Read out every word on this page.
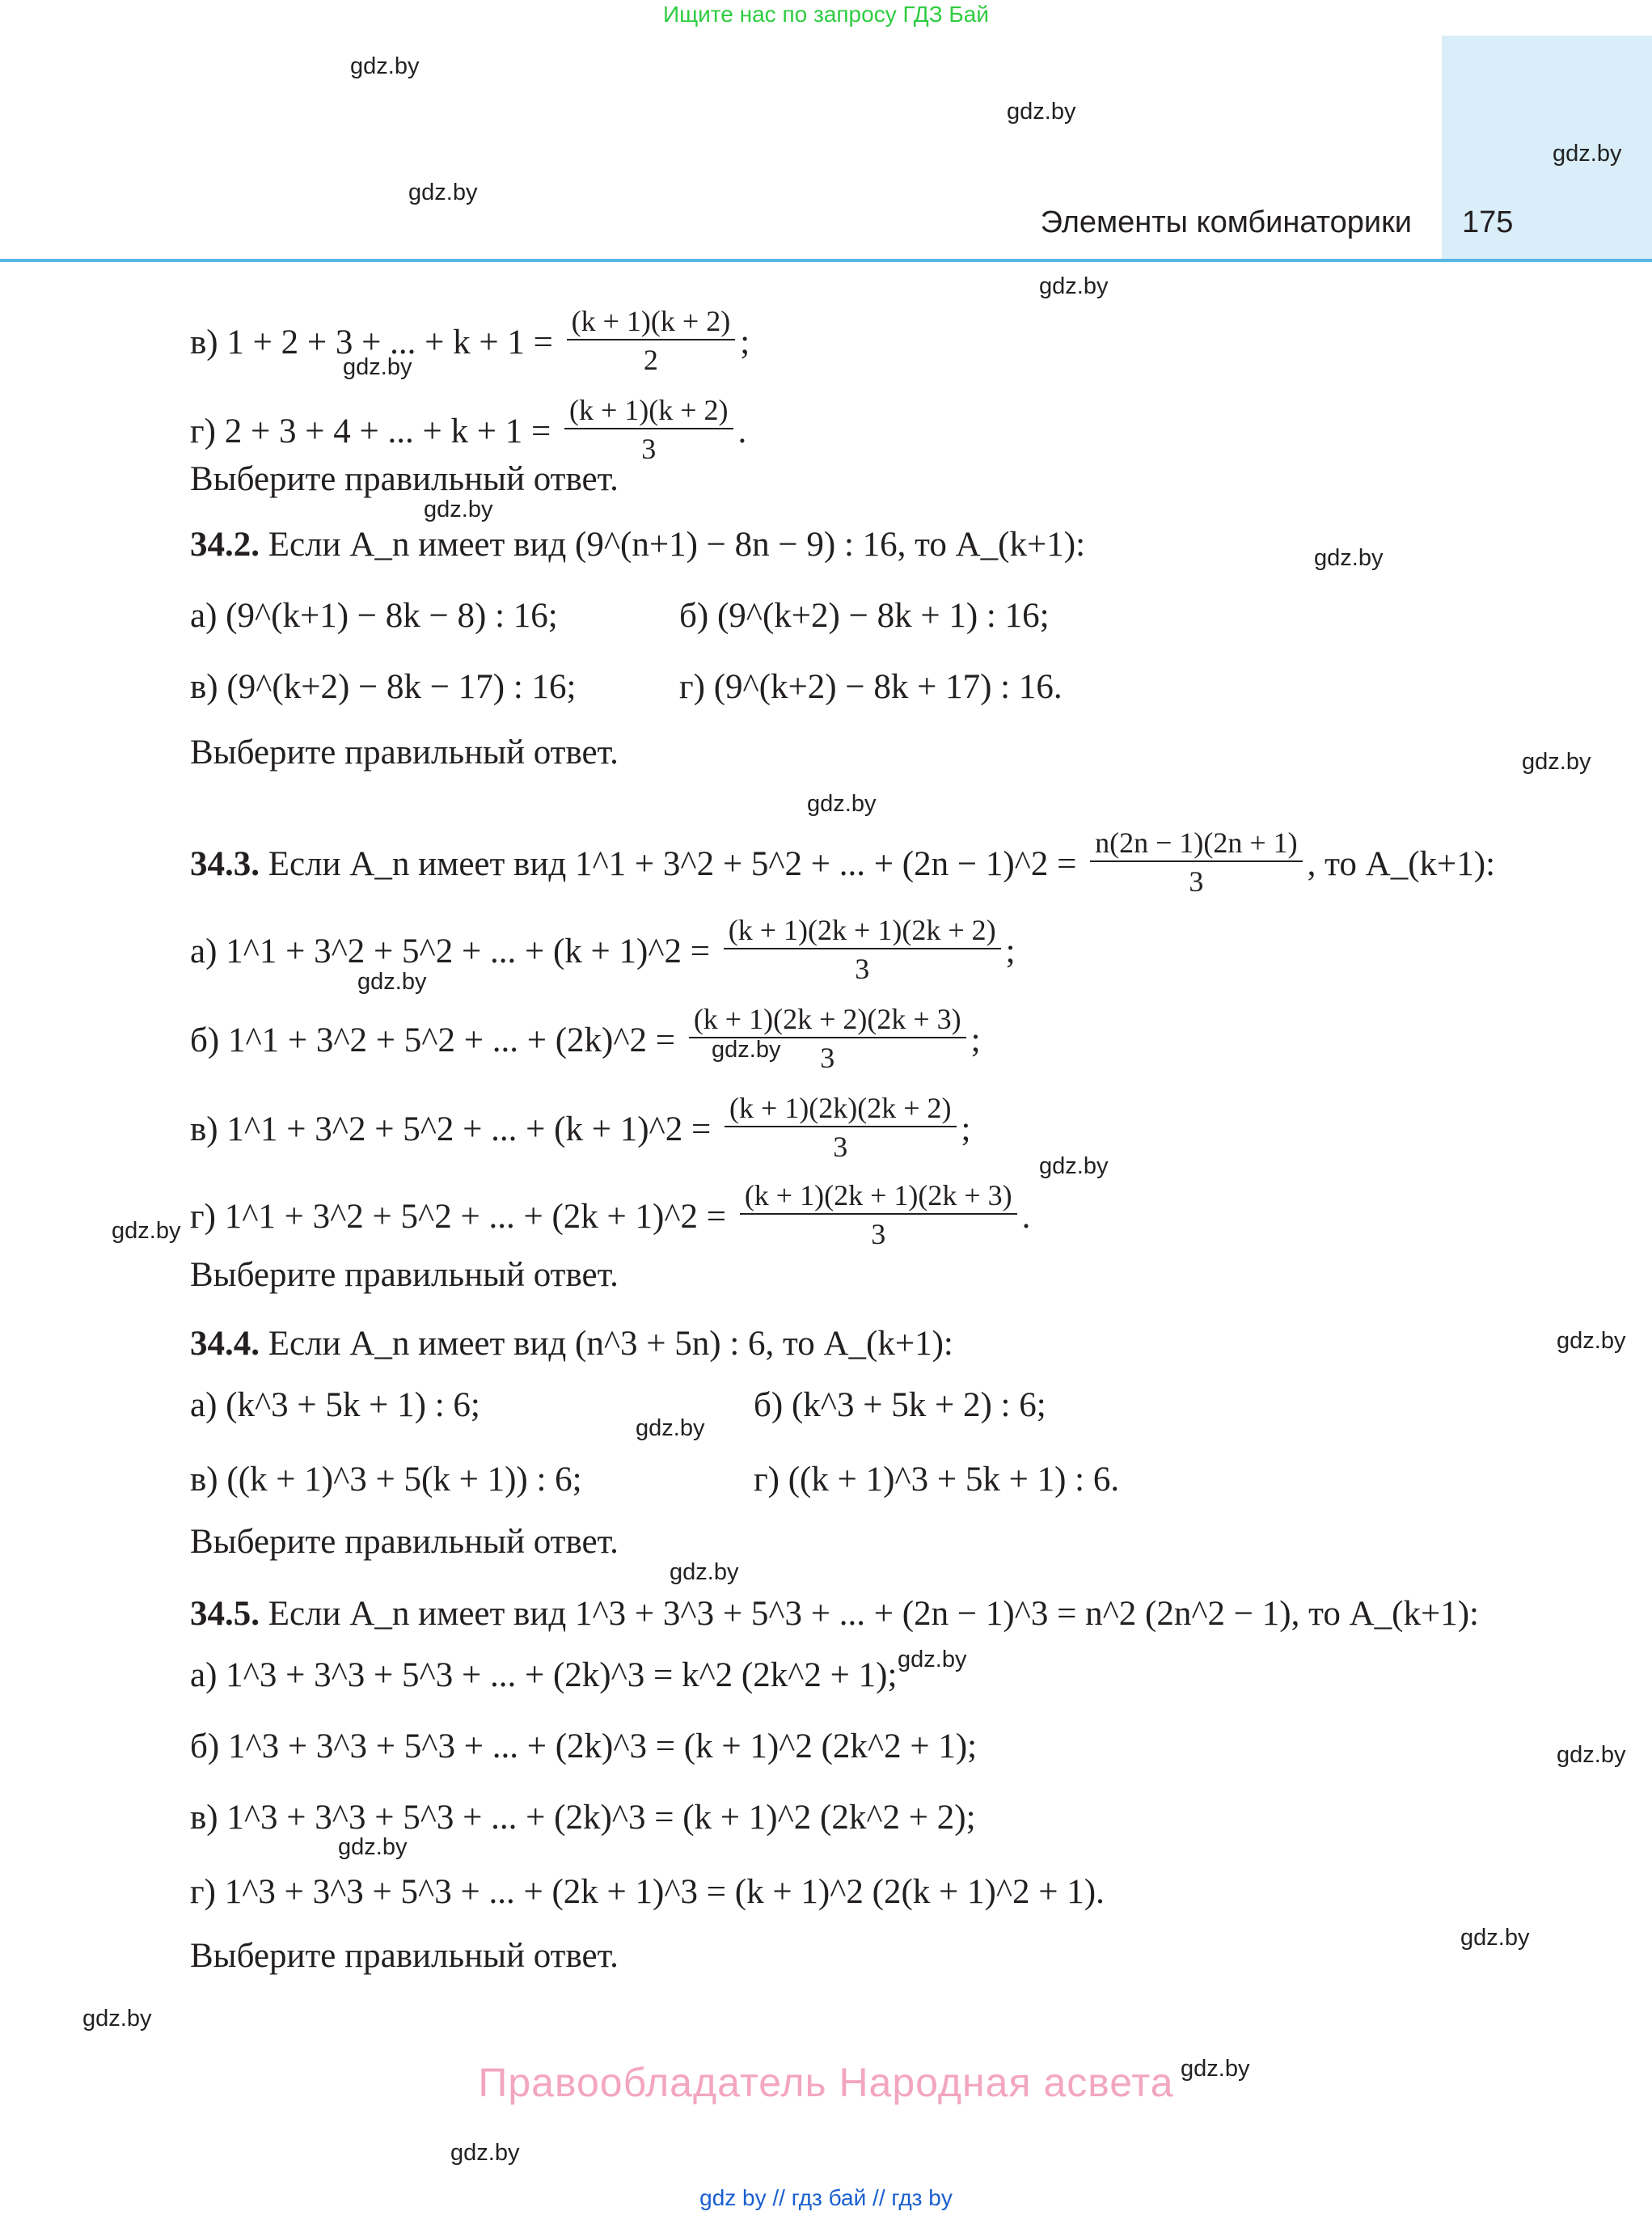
Ищите нас по запросу ГДЗ Бай
Элементы комбинаторики 175
gdz.by
gdz.by
gdz.by
gdz.by
gdz.by
gdz.by
gdz.by
gdz.by
gdz.by
gdz.by
gdz.by
gdz.by
gdz.by
gdz.by
gdz.by
gdz.by
gdz.by
gdz.by
gdz.by
gdz.by
gdz.by
gdz.by
gdz.by
gdz.by
в) 1 + 2 + 3 + ... + $k + 1 = \frac{(k + 1)(k + 2)}{2}$ ;
г) 2 + 3 + 4 + ... + $k + 1 = \frac{(k + 1)(k + 2)}{3}$ .
Выберите правильный ответ.
34.2. Если A_n имеет вид (9^(n+1) − 8n − 9) : 16, то A_(k+1):
а) (9^(k+1) − 8k − 8) : 16;	б) (9^(k+2) − 8k + 1) : 16;
в) (9^(k+2) − 8k − 17) : 16;	г) (9^(k+2) − 8k + 17) : 16.
Выберите правильный ответ.
34.3. Если A_n имеет вид 1^1 + 3^2 + 5^2 + ... + (2n − 1)^2 = $\frac{n(2n - 1)(2n + 1)}{3}$ , то A_(k+1):
а) 1^1 + 3^2 + 5^2 + ... + (k + 1)^2 = $\frac{(k + 1)(2k + 1)(2k + 2)}{3}$ ;
б) 1^1 + 3^2 + 5^2 + ... + (2k)^2 = $\frac{(k + 1)(2k + 2)(2k + 3)}{3}$ ;
в) 1^1 + 3^2 + 5^2 + ... + (k + 1)^2 = $\frac{(k + 1)(2k)(2k + 2)}{3}$ ;
г) 1^1 + 3^2 + 5^2 + ... + (2k + 1)^2 = $\frac{(k + 1)(2k + 1)(2k + 3)}{3}$ .
Выберите правильный ответ.
34.4. Если A_n имеет вид (n^3 + 5n) : 6, то A_(k+1):
а) (k^3 + 5k + 1) : 6;	б) (k^3 + 5k + 2) : 6;
в) ((k + 1)^3 + 5(k + 1)) : 6;	г) ((k + 1)^3 + 5k + 1) : 6.
Выберите правильный ответ.
34.5. Если A_n имеет вид 1^3 + 3^3 + 5^3 + ... + (2n − 1)^3 = n^2 (2n^2 − 1), то A_(k+1):
а) 1^3 + 3^3 + 5^3 + ... + (2k)^3 = k^2 (2k^2 + 1);
б) 1^3 + 3^3 + 5^3 + ... + (2k)^3 = (k + 1)^2 (2k^2 + 1);
в) 1^3 + 3^3 + 5^3 + ... + (2k)^3 = (k + 1)^2 (2k^2 + 2);
г) 1^3 + 3^3 + 5^3 + ... + (2k + 1)^3 = (k + 1)^2 (2(k + 1)^2 + 1).
Выберите правильный ответ.
Правообладатель Народная асвета
gdz by // гдз бай // гдз by
